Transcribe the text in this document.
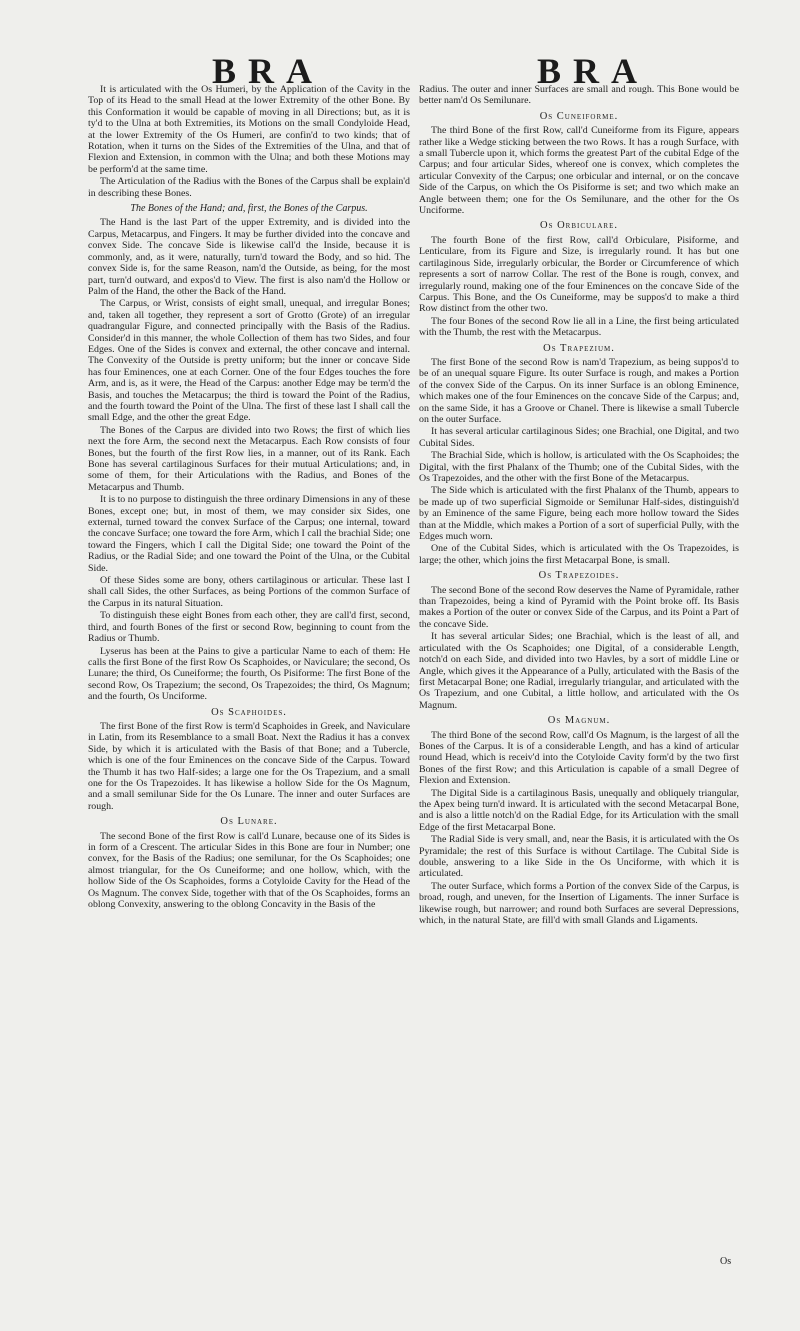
BRA	BRA

It is articulated with the Os Humeri, by the Application of the Cavity in the Top of its Head to the small Head at the lower Extremity of the other Bone. By this Conformation it would be capable of moving in all Directions; but, as it is ty'd to the Ulna at both Extremities, its Motions on the small Condyloide Head, at the lower Extremity of the Os Humeri, are confin'd to two kinds; that of Rotation, when it turns on the Sides of the Extremities of the Ulna, and that of Flexion and Extension, in common with the Ulna; and both these Motions may be perform'd at the same time.

The Articulation of the Radius with the Bones of the Carpus shall be explain'd in describing these Bones.

The Bones of the Hand; and, first, the Bones of the Carpus.

The Hand is the last Part of the upper Extremity, and is divided into the Carpus, Metacarpus, and Fingers. It may be further divided into the concave and convex Side. The concave Side is likewise call'd the Inside, because it is commonly, and, as it were, naturally, turn'd toward the Body, and so hid. The convex Side is, for the same Reason, nam'd the Outside, as being, for the most part, turn'd outward, and expos'd to View. The first is also nam'd the Hollow or Palm of the Hand, the other the Back of the Hand.

The Carpus, or Wrist, consists of eight small, unequal, and irregular Bones; and, taken all together, they represent a sort of Grotto (Grote) of an irregular quadrangular Figure, and connected principally with the Basis of the Radius. Consider'd in this manner, the whole Collection of them has two Sides, and four Edges. One of the Sides is convex and external, the other concave and internal. The Convexity of the Outside is pretty uniform; but the inner or concave Side has four Eminences, one at each Corner. One of the four Edges touches the fore Arm, and is, as it were, the Head of the Carpus: another Edge may be term'd the Basis, and touches the Metacarpus; the third is toward the Point of the Radius, and the fourth toward the Point of the Ulna. The first of these last I shall call the small Edge, and the other the great Edge.

The Bones of the Carpus are divided into two Rows; the first of which lies next the fore Arm, the second next the Metacarpus. Each Row consists of four Bones, but the fourth of the first Row lies, in a manner, out of its Rank. Each Bone has several cartilaginous Surfaces for their mutual Articulations; and, in some of them, for their Articulations with the Radius, and Bones of the Metacarpus and Thumb.

It is to no purpose to distinguish the three ordinary Dimensions in any of these Bones, except one; but, in most of them, we may consider six Sides, one external, turned toward the convex Surface of the Carpus; one internal, toward the concave Surface; one toward the fore Arm, which I call the brachial Side; one toward the Fingers, which I call the Digital Side; one toward the Point of the Radius, or the Radial Side; and one toward the Point of the Ulna, or the Cubital Side.

Of these Sides some are bony, others cartilaginous or articular. These last I shall call Sides, the other Surfaces, as being Portions of the common Surface of the Carpus in its natural Situation.

To distinguish these eight Bones from each other, they are call'd first, second, third, and fourth Bones of the first or second Row, beginning to count from the Radius or Thumb.

Lyserus has been at the Pains to give a particular Name to each of them: He calls the first Bone of the first Row Os Scaphoides, or Naviculare; the second, Os Lunare; the third, Os Cuneiforme; the fourth, Os Pisiforme: The first Bone of the second Row, Os Trapezium; the second, Os Trapezoides; the third, Os Magnum; and the fourth, Os Unciforme.

Os Scaphoides.

The first Bone of the first Row is term'd Scaphoides in Greek, and Naviculare in Latin, from its Resemblance to a small Boat. Next the Radius it has a convex Side, by which it is articulated with the Basis of that Bone; and a Tubercle, which is one of the four Eminences on the concave Side of the Carpus. Toward the Thumb it has two Half-sides; a large one for the Os Trapezium, and a small one for the Os Trapezoides. It has likewise a hollow Side for the Os Magnum, and a small semilunar Side for the Os Lunare. The inner and outer Surfaces are rough.

Os Lunare.

The second Bone of the first Row is call'd Lunare, because one of its Sides is in form of a Crescent. The articular Sides in this Bone are four in Number; one convex, for the Basis of the Radius; one semilunar, for the Os Scaphoides; one almost triangular, for the Os Cuneiforme; and one hollow, which, with the hollow Side of the Os Scaphoides, forms a Cotyloide Cavity for the Head of the Os Magnum. The convex Side, together with that of the Os Scaphoides, forms an oblong Convexity, answering to the oblong Concavity in the Basis of the

Radius. The outer and inner Surfaces are small and rough. This Bone would be better nam'd Os Semilunare.

Os Cuneiforme.

The third Bone of the first Row, call'd Cuneiforme from its Figure, appears rather like a Wedge sticking between the two Rows. It has a rough Surface, with a small Tubercle upon it, which forms the greatest Part of the cubital Edge of the Carpus; and four articular Sides, whereof one is convex, which completes the articular Convexity of the Carpus; one orbicular and internal, or on the concave Side of the Carpus, on which the Os Pisiforme is set; and two which make an Angle between them; one for the Os Semilunare, and the other for the Os Unciforme.

Os Orbiculare.

The fourth Bone of the first Row, call'd Orbiculare, Pisiforme, and Lenticulare, from its Figure and Size, is irregularly round. It has but one cartilaginous Side, irregularly orbicular, the Border or Circumference of which represents a sort of narrow Collar. The rest of the Bone is rough, convex, and irregularly round, making one of the four Eminences on the concave Side of the Carpus. This Bone, and the Os Cuneiforme, may be suppos'd to make a third Row distinct from the other two.

The four Bones of the second Row lie all in a Line, the first being articulated with the Thumb, the rest with the Metacarpus.

Os Trapezium.

The first Bone of the second Row is nam'd Trapezium, as being suppos'd to be of an unequal square Figure. Its outer Surface is rough, and makes a Portion of the convex Side of the Carpus. On its inner Surface is an oblong Eminence, which makes one of the four Eminences on the concave Side of the Carpus; and, on the same Side, it has a Groove or Chanel. There is likewise a small Tubercle on the outer Surface.

It has several articular cartilaginous Sides; one Brachial, one Digital, and two Cubital Sides.

The Brachial Side, which is hollow, is articulated with the Os Scaphoides; the Digital, with the first Phalanx of the Thumb; one of the Cubital Sides, with the Os Trapezoides, and the other with the first Bone of the Metacarpus.

The Side which is articulated with the first Phalanx of the Thumb, appears to be made up of two superficial Sigmoide or Semilunar Half-sides, distinguish'd by an Eminence of the same Figure, being each more hollow toward the Sides than at the Middle, which makes a Portion of a sort of superficial Pully, with the Edges much worn.

One of the Cubital Sides, which is articulated with the Os Trapezoides, is large; the other, which joins the first Metacarpal Bone, is small.

Os Trapezoides.

The second Bone of the second Row deserves the Name of Pyramidale, rather than Trapezoides, being a kind of Pyramid with the Point broke off. Its Basis makes a Portion of the outer or convex Side of the Carpus, and its Point a Part of the concave Side.

It has several articular Sides; one Brachial, which is the least of all, and articulated with the Os Scaphoides; one Digital, of a considerable Length, notch'd on each Side, and divided into two Havles, by a sort of middle Line or Angle, which gives it the Appearance of a Pully, articulated with the Basis of the first Metacarpal Bone; one Radial, irregularly triangular, and articulated with the Os Trapezium, and one Cubital, a little hollow, and articulated with the Os Magnum.

Os Magnum.

The third Bone of the second Row, call'd Os Magnum, is the largest of all the Bones of the Carpus. It is of a considerable Length, and has a kind of articular round Head, which is receiv'd into the Cotyloide Cavity form'd by the two first Bones of the first Row; and this Articulation is capable of a small Degree of Flexion and Extension.

The Digital Side is a cartilaginous Basis, unequally and obliquely triangular, the Apex being turn'd inward. It is articulated with the second Metacarpal Bone, and is also a little notch'd on the Radial Edge, for its Articulation with the small Edge of the first Metacarpal Bone.

The Radial Side is very small, and, near the Basis, it is articulated with the Os Pyramidale; the rest of this Surface is without Cartilage. The Cubital Side is double, answering to a like Side in the Os Unciforme, with which it is articulated.

The outer Surface, which forms a Portion of the convex Side of the Carpus, is broad, rough, and uneven, for the Insertion of Ligaments. The inner Surface is likewise rough, but narrower; and round both Surfaces are several Depressions, which, in the natural State, are fill'd with small Glands and Ligaments.

Os
